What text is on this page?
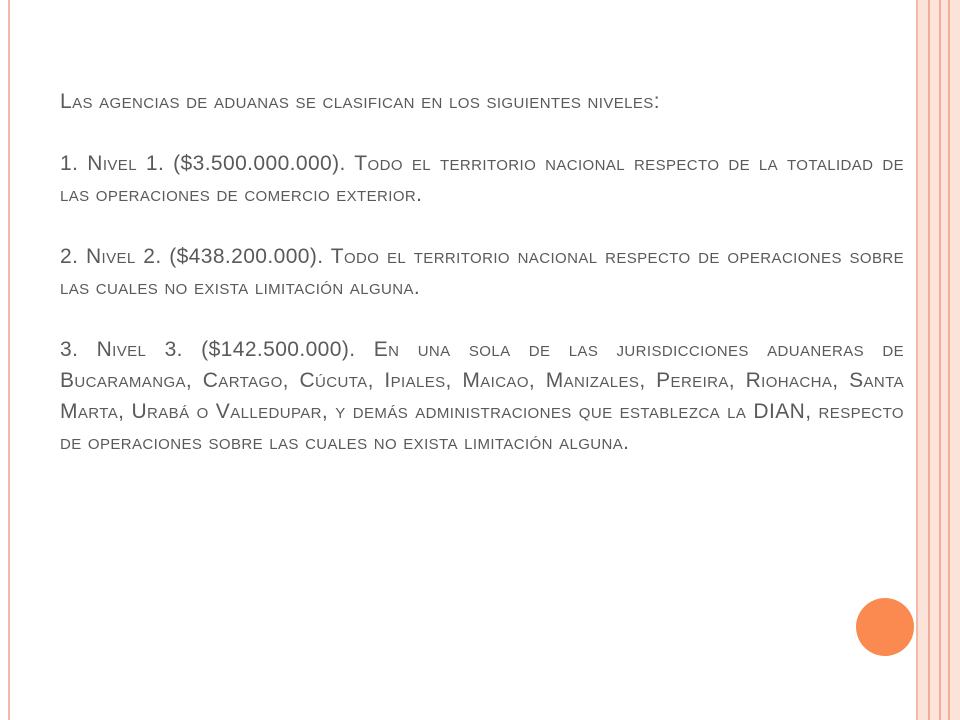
Las agencias de aduanas se clasifican en los siguientes niveles:

1. Nivel 1. ($3.500.000.000). Todo el territorio nacional respecto de la totalidad de las operaciones de comercio exterior.

2. Nivel 2. ($438.200.000). Todo el territorio nacional respecto de operaciones sobre las cuales no exista limitación alguna.

3. Nivel 3. ($142.500.000). En una sola de las jurisdicciones aduaneras de Bucaramanga, Cartago, Cúcuta, Ipiales, Maicao, Manizales, Pereira, Riohacha, Santa Marta, Urabá o Valledupar, y demás administraciones que establezca la DIAN, respecto de operaciones sobre las cuales no exista limitación alguna.
